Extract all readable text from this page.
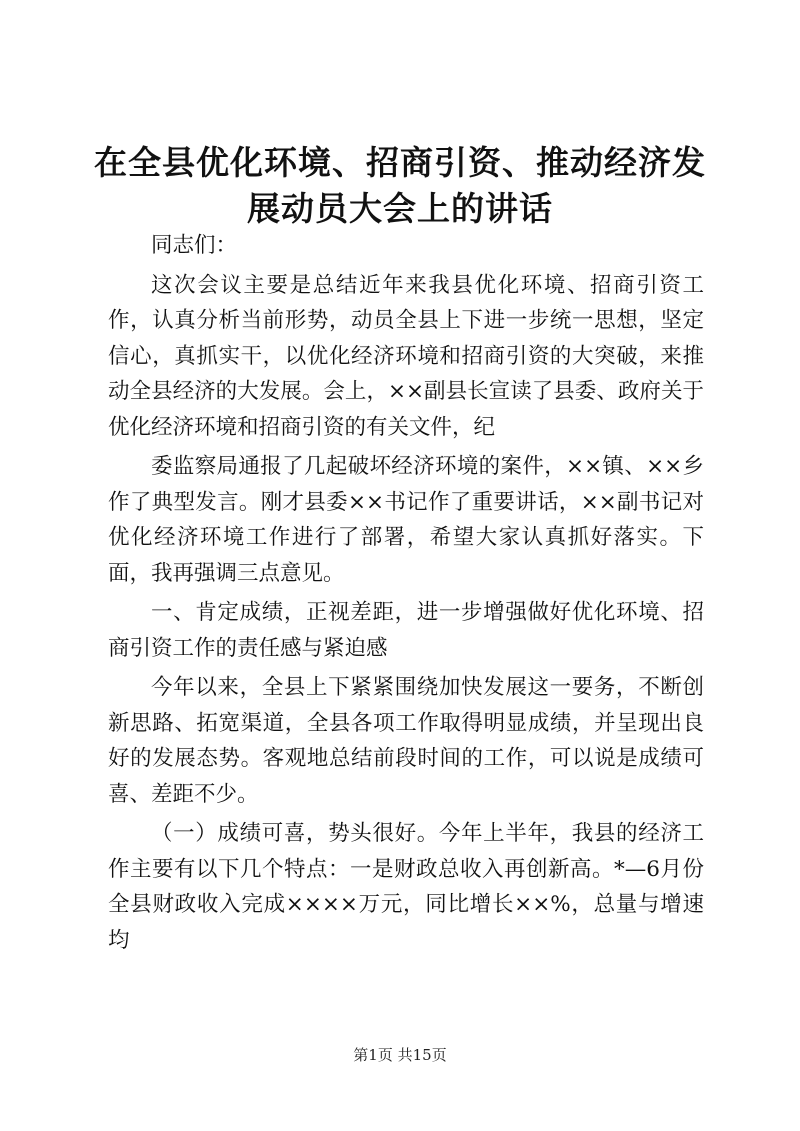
在全县优化环境、招商引资、推动经济发展动员大会上的讲话

同志们：

这次会议主要是总结近年来我县优化环境、招商引资工作，认真分析当前形势，动员全县上下进一步统一思想，坚定信心，真抓实干，以优化经济环境和招商引资的大突破，来推动全县经济的大发展。会上，××副县长宣读了县委、政府关于优化经济环境和招商引资的有关文件，纪

委监察局通报了几起破坏经济环境的案件，××镇、××乡作了典型发言。刚才县委××书记作了重要讲话，××副书记对优化经济环境工作进行了部署，希望大家认真抓好落实。下面，我再强调三点意见。

一、肯定成绩，正视差距，进一步增强做好优化环境、招商引资工作的责任感与紧迫感

今年以来，全县上下紧紧围绕加快发展这一要务，不断创新思路、拓宽渠道，全县各项工作取得明显成绩，并呈现出良好的发展态势。客观地总结前段时间的工作，可以说是成绩可喜、差距不少。

（一）成绩可喜，势头很好。今年上半年，我县的经济工作主要有以下几个特点：一是财政总收入再创新高。*—6月份全县财政收入完成××××万元，同比增长××%，总量与增速均

第1页 共15页
